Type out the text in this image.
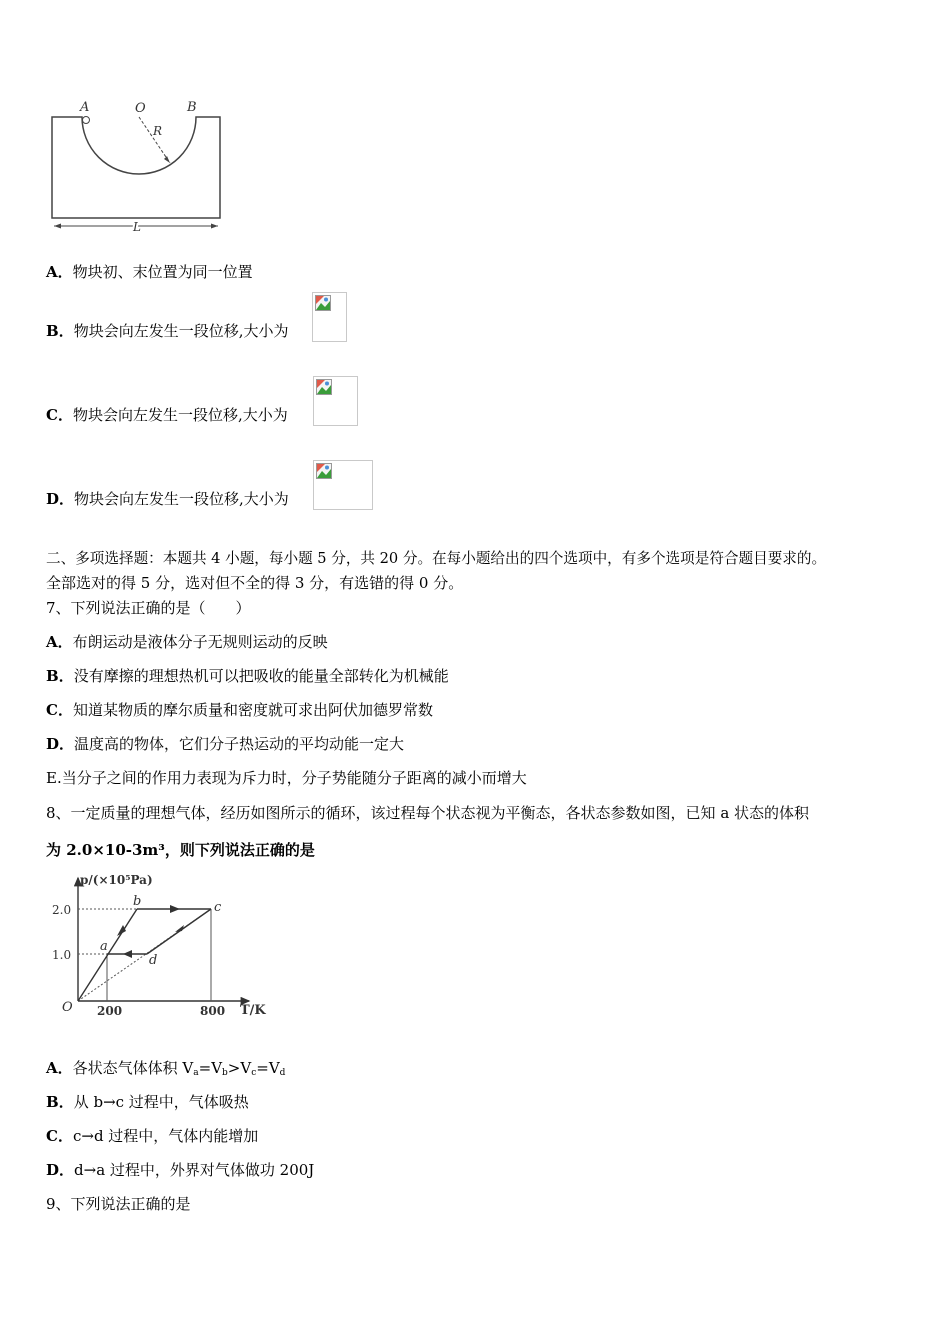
A	O	B
R
L
A．物块初、末位置为同一位置
B．物块会向左发生一段位移,大小为
C．物块会向左发生一段位移,大小为
D．物块会向左发生一段位移,大小为
二、多项选择题：本题共 4 小题，每小题 5 分，共 20 分。在每小题给出的四个选项中，有多个选项是符合题目要求的。
全部选对的得 5 分，选对但不全的得 3 分，有选错的得 0 分。
7、下列说法正确的是（　　）
A．布朗运动是液体分子无规则运动的反映
B．没有摩擦的理想热机可以把吸收的能量全部转化为机械能
C．知道某物质的摩尔质量和密度就可求出阿伏加德罗常数
D．温度高的物体，它们分子热运动的平均动能一定大
E.当分子之间的作用力表现为斥力时，分子势能随分子距离的减小而增大
8、一定质量的理想气体，经历如图所示的循环，该过程每个状态视为平衡态，各状态参数如图，已知 a 状态的体积
为 2.0×10-3m³，则下列说法正确的是
p/(×10⁵Pa)
T/K
O
2.0
1.0
200	800
a
b	c
d
A．各状态气体体积 $V_a=V_b>V_c=V_d$
B．从 b→c 过程中，气体吸热
C．c→d 过程中，气体内能增加
D．d→a 过程中，外界对气体做功 200J
9、下列说法正确的是
